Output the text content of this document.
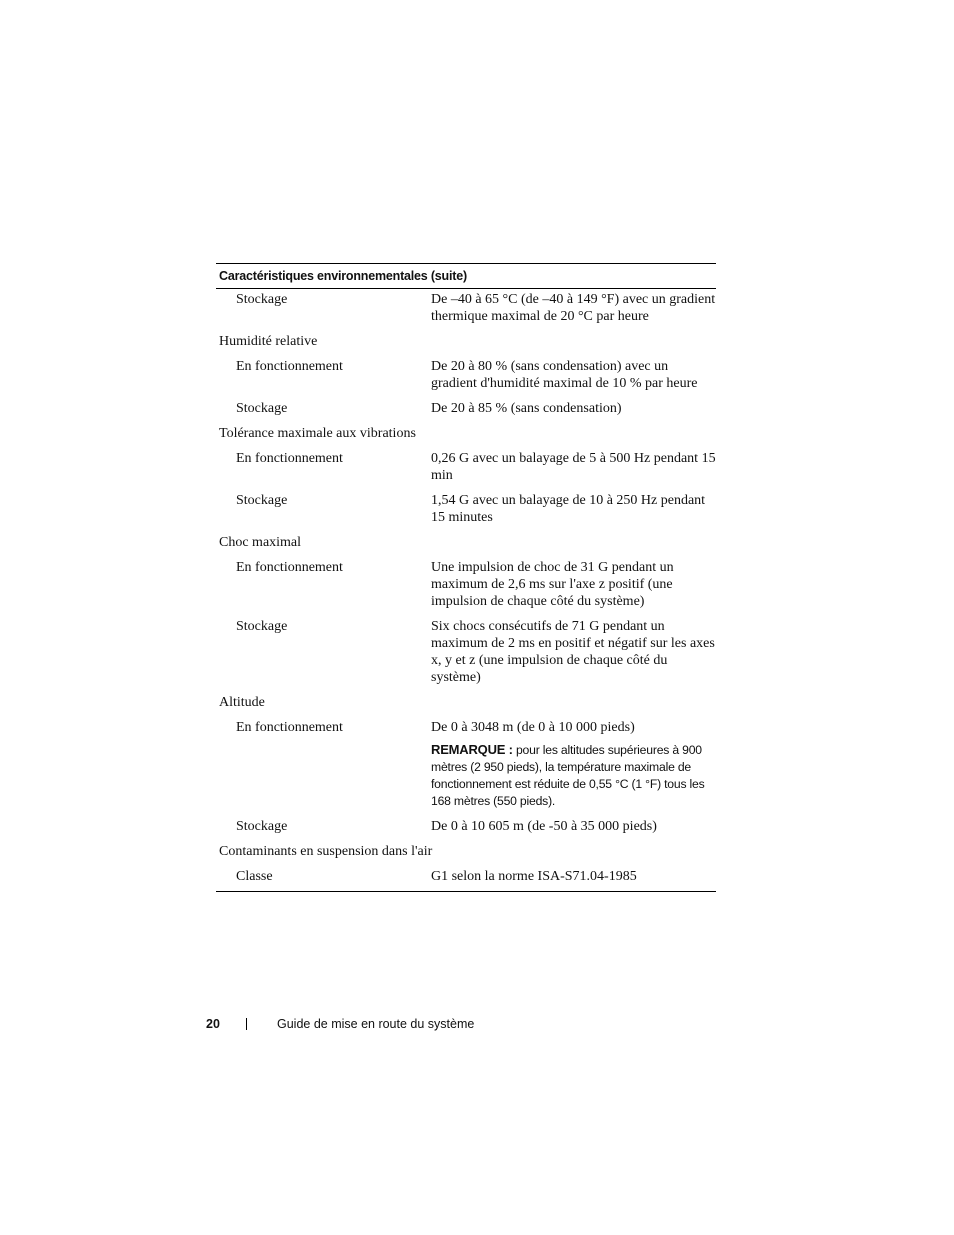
Caractéristiques environnementales (suite)
Stockage	De –40 à 65 °C (de –40 à 149 °F) avec un gradient thermique maximal de 20 °C par heure
Humidité relative
En fonctionnement	De 20 à 80 % (sans condensation) avec un gradient d'humidité maximal de 10 % par heure
Stockage	De 20 à 85 % (sans condensation)
Tolérance maximale aux vibrations
En fonctionnement	0,26 G avec un balayage de 5 à 500 Hz pendant 15 min
Stockage	1,54 G avec un balayage de 10 à 250 Hz pendant 15 minutes
Choc maximal
En fonctionnement	Une impulsion de choc de 31 G pendant un maximum de 2,6 ms sur l'axe z positif (une impulsion de chaque côté du système)
Stockage	Six chocs consécutifs de 71 G pendant un maximum de 2 ms en positif et négatif sur les axes x, y et z (une impulsion de chaque côté du système)
Altitude
En fonctionnement	De 0 à 3048 m (de 0 à 10 000 pieds)
REMARQUE : pour les altitudes supérieures à 900 mètres (2 950 pieds), la température maximale de fonctionnement est réduite de 0,55 °C (1 °F) tous les 168 mètres (550 pieds).
Stockage	De 0 à 10 605 m (de -50 à 35 000 pieds)
Contaminants en suspension dans l'air
Classe	G1 selon la norme ISA-S71.04-1985
20	Guide de mise en route du système
